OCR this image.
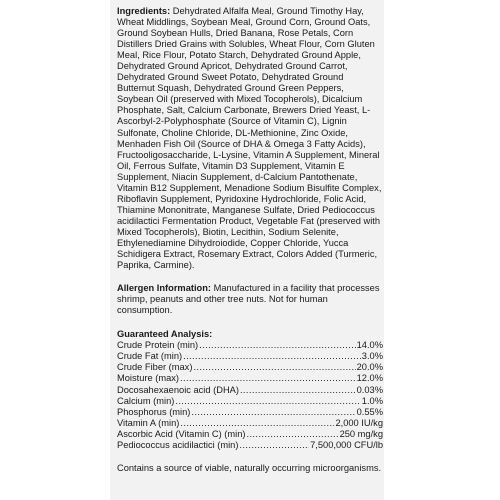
Ingredients: Dehydrated Alfalfa Meal, Ground Timothy Hay, Wheat Middlings, Soybean Meal, Ground Corn, Ground Oats, Ground Soybean Hulls, Dried Banana, Rose Petals, Corn Distillers Dried Grains with Solubles, Wheat Flour, Corn Gluten Meal, Rice Flour, Potato Starch, Dehydrated Ground Apple, Dehydrated Ground Apricot, Dehydrated Ground Carrot, Dehydrated Ground Sweet Potato, Dehydrated Ground Butternut Squash, Dehydrated Ground Green Peppers, Soybean Oil (preserved with Mixed Tocopherols), Dicalcium Phosphate, Salt, Calcium Carbonate, Brewers Dried Yeast, L-Ascorbyl-2-Polyphosphate (Source of Vitamin C), Lignin Sulfonate, Choline Chloride, DL-Methionine, Zinc Oxide, Menhaden Fish Oil (Source of DHA & Omega 3 Fatty Acids), Fructooligosaccharide, L-Lysine, Vitamin A Supplement, Mineral Oil, Ferrous Sulfate, Vitamin D3 Supplement, Vitamin E Supplement, Niacin Supplement, d-Calcium Pantothenate, Vitamin B12 Supplement, Menadione Sodium Bisulfite Complex, Riboflavin Supplement, Pyridoxine Hydrochloride, Folic Acid, Thiamine Mononitrate, Manganese Sulfate, Dried Pediococcus acidilactici Fermentation Product, Vegetable Fat (preserved with Mixed Tocopherols), Biotin, Lecithin, Sodium Selenite, Ethylenediamine Dihydroiodide, Copper Chloride, Yucca Schidigera Extract, Rosemary Extract, Colors Added (Turmeric, Paprika, Carmine).

Allergen Information: Manufactured in a facility that processes shrimp, peanuts and other tree nuts. Not for human consumption.

Guaranteed Analysis:
Crude Protein (min) .....	14.0%
Crude Fat (min) .....	3.0%
Crude Fiber (max) .....	20.0%
Moisture (max) .....	12.0%
Docosahexaenoic acid (DHA) .....	0.03%
Calcium (min) .....	1.0%
Phosphorus (min) .....	0.55%
Vitamin A (min) .....	2,000 IU/kg
Ascorbic Acid (Vitamin C) (min) .....	250 mg/kg
Pediococcus acidilactici (min) .....	7,500,000 CFU/lb

Contains a source of viable, naturally occurring microorganisms.
